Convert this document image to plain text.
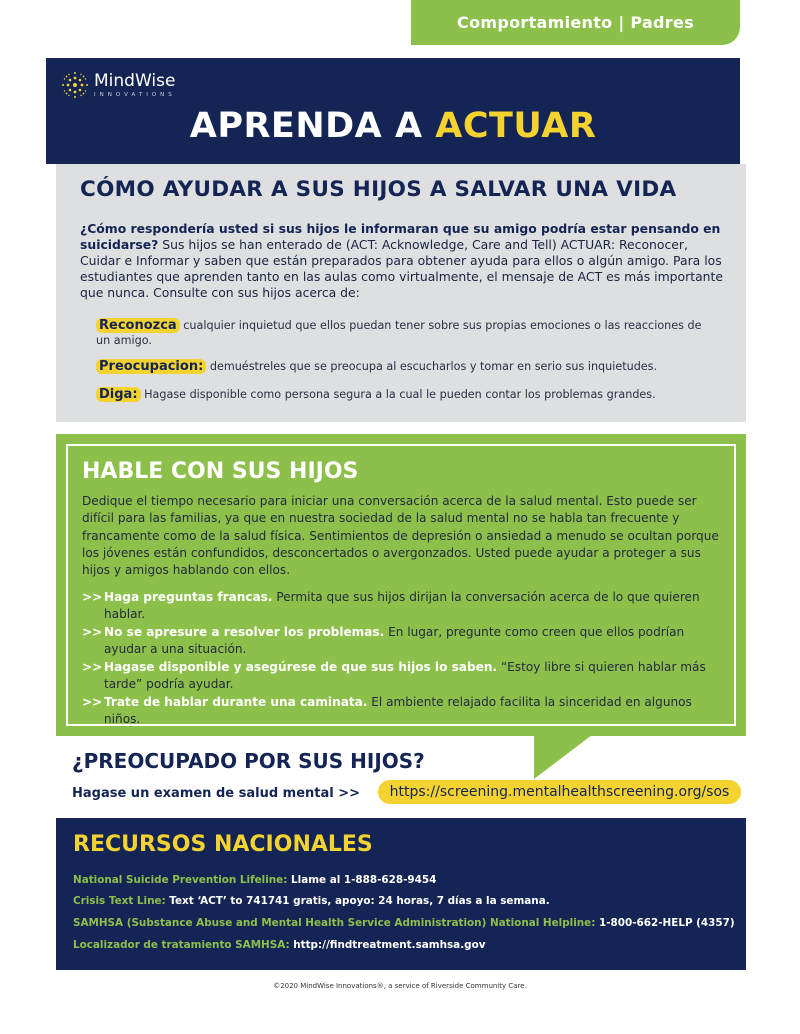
Comportamiento | Padres
MindWise
INNOVATIONS
APRENDA A ACTUAR
CÓMO AYUDAR A SUS HIJOS A SALVAR UNA VIDA
¿Cómo respondería usted si sus hijos le informaran que su amigo podría estar pensando en suicidarse? Sus hijos se han enterado de (ACT: Acknowledge, Care and Tell) ACTUAR: Reconocer, Cuidar e Informar y saben que están preparados para obtener ayuda para ellos o algún amigo. Para los estudiantes que aprenden tanto en las aulas como virtualmente, el mensaje de ACT es más importante que nunca. Consulte con sus hijos acerca de:
Reconozca cualquier inquietud que ellos puedan tener sobre sus propias emociones o las reacciones de un amigo.
Preocupacion: demuéstreles que se preocupa al escucharlos y tomar en serio sus inquietudes.
Diga: Hagase disponible como persona segura a la cual le pueden contar los problemas grandes.
HABLE CON SUS HIJOS
Dedique el tiempo necesario para iniciar una conversación acerca de la salud mental. Esto puede ser difícil para las familias, ya que en nuestra sociedad de la salud mental no se habla tan frecuente y francamente como de la salud física. Sentimientos de depresión o ansiedad a menudo se ocultan porque los jóvenes están confundidos, desconcertados o avergonzados. Usted puede ayudar a proteger a sus hijos y amigos hablando con ellos.
>> Haga preguntas francas. Permita que sus hijos dirijan la conversación acerca de lo que quieren hablar.
>> No se apresure a resolver los problemas. En lugar, pregunte como creen que ellos podrían ayudar a una situación.
>> Hagase disponible y asegúrese de que sus hijos lo saben. “Estoy libre si quieren hablar más tarde” podría ayudar.
>> Trate de hablar durante una caminata. El ambiente relajado facilita la sinceridad en algunos niños.
¿PREOCUPADO POR SUS HIJOS?
Hagase un examen de salud mental >>	https://screening.mentalhealthscreening.org/sos
RECURSOS NACIONALES
National Suicide Prevention Lifeline: Llame al 1-888-628-9454
Crisis Text Line: Text ‘ACT’ to 741741 gratis, apoyo: 24 horas, 7 días a la semana.
SAMHSA (Substance Abuse and Mental Health Service Administration) National Helpline: 1-800-662-HELP (4357)
Localizador de tratamiento SAMHSA: http://findtreatment.samhsa.gov
©2020 MindWise Innovations®, a service of Riverside Community Care.
